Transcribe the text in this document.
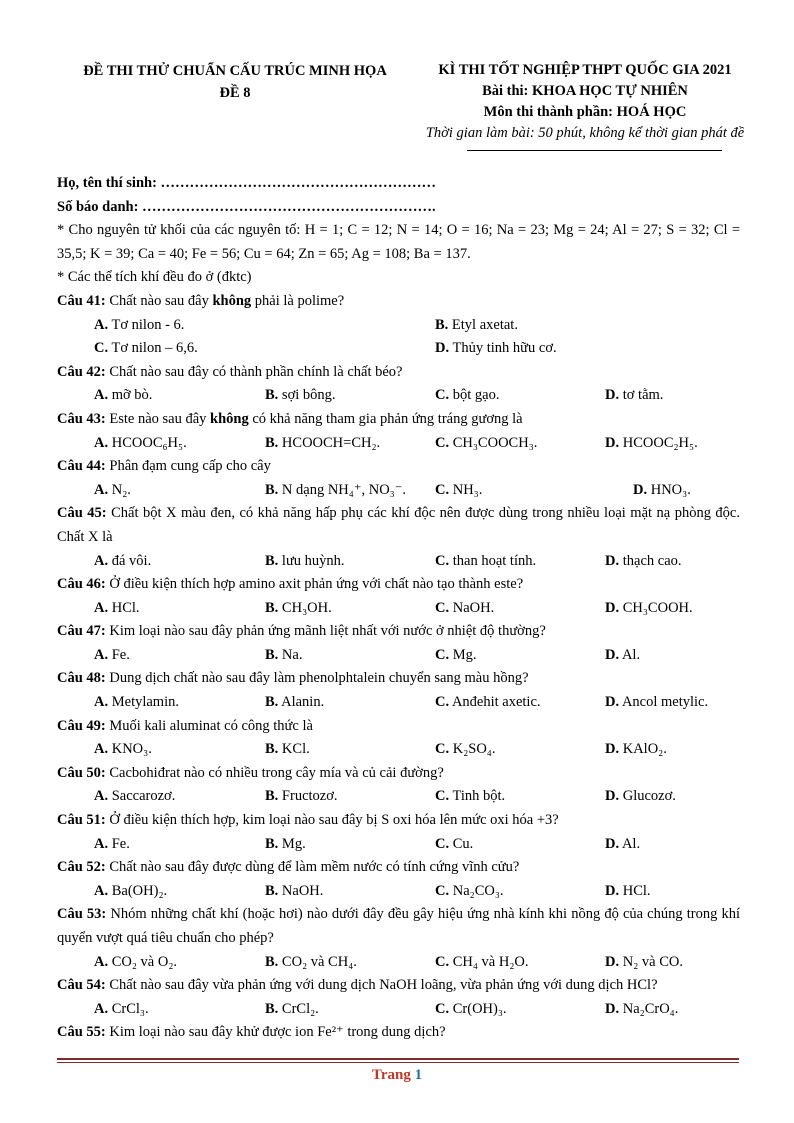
ĐỀ THI THỬ CHUẨN CẤU TRÚC MINH HỌA
ĐỀ 8
KÌ THI TỐT NGHIỆP THPT QUỐC GIA 2021
Bài thi: KHOA HỌC TỰ NHIÊN
Môn thi thành phần: HOÁ HỌC
Thời gian làm bài: 50 phút, không kể thời gian phát đề
Họ, tên thí sinh: …………………………………………………
Số báo danh: …………………………………………………….
* Cho nguyên tử khối của các nguyên tố: H = 1; C = 12; N = 14; O = 16; Na = 23; Mg = 24; Al = 27; S = 32; Cl = 35,5; K = 39; Ca = 40; Fe = 56; Cu = 64; Zn = 65; Ag = 108; Ba = 137.
* Các thể tích khí đều đo ở (đktc)
Câu 41: Chất nào sau đây không phải là polime?
A. Tơ nilon - 6.	B. Etyl axetat.
C. Tơ nilon – 6,6.	D. Thủy tinh hữu cơ.
Câu 42: Chất nào sau đây có thành phần chính là chất béo?
A. mỡ bò.	B. sợi bông.	C. bột gạo.	D. tơ tằm.
Câu 43: Este nào sau đây không có khả năng tham gia phản ứng tráng gương là
A. HCOOC₆H₅.	B. HCOOCH=CH₂.	C. CH₃COOCH₃.	D. HCOOC₂H₅.
Câu 44: Phân đạm cung cấp cho cây
A. N₂.	B. N dạng NH₄⁺, NO₃⁻. C. NH₃.	D. HNO₃.
Câu 45: Chất bột X màu đen, có khả năng hấp phụ các khí độc nên được dùng trong nhiều loại mặt nạ phòng độc. Chất X là
A. đá vôi.	B. lưu huỳnh.	C. than hoạt tính.	D. thạch cao.
Câu 46: Ở điều kiện thích hợp amino axit phản ứng với chất nào tạo thành este?
A. HCl.	B. CH₃OH.	C. NaOH.	D. CH₃COOH.
Câu 47: Kim loại nào sau đây phản ứng mãnh liệt nhất với nước ở nhiệt độ thường?
A. Fe.	B. Na.	C. Mg.	D. Al.
Câu 48: Dung dịch chất nào sau đây làm phenolphtalein chuyển sang màu hồng?
A. Metylamin.	B. Alanin.	C. Anđehit axetic.	D. Ancol metylic.
Câu 49: Muối kali aluminat có công thức là
A. KNO₃.	B. KCl.	C. K₂SO₄.	D. KAlO₂.
Câu 50: Cacbohiđrat nào có nhiều trong cây mía và củ cải đường?
A. Saccarozơ.	B. Fructozơ.	C. Tinh bột.	D. Glucozơ.
Câu 51: Ở điều kiện thích hợp, kim loại nào sau đây bị S oxi hóa lên mức oxi hóa +3?
A. Fe.	B. Mg.	C. Cu.	D. Al.
Câu 52: Chất nào sau đây được dùng để làm mềm nước có tính cứng vĩnh cửu?
A. Ba(OH)₂.	B. NaOH.	C. Na₂CO₃.	D. HCl.
Câu 53: Nhóm những chất khí (hoặc hơi) nào dưới đây đều gây hiệu ứng nhà kính khi nồng độ của chúng trong khí quyển vượt quá tiêu chuẩn cho phép?
A. CO₂ và O₂.	B. CO₂ và CH₄.	C. CH₄ và H₂O.	D. N₂ và CO.
Câu 54: Chất nào sau đây vừa phản ứng với dung dịch NaOH loãng, vừa phản ứng với dung dịch HCl?
A. CrCl₃.	B. CrCl₂.	C. Cr(OH)₃.	D. Na₂CrO₄.
Câu 55: Kim loại nào sau đây khử được ion Fe²⁺ trong dung dịch?
Trang 1
